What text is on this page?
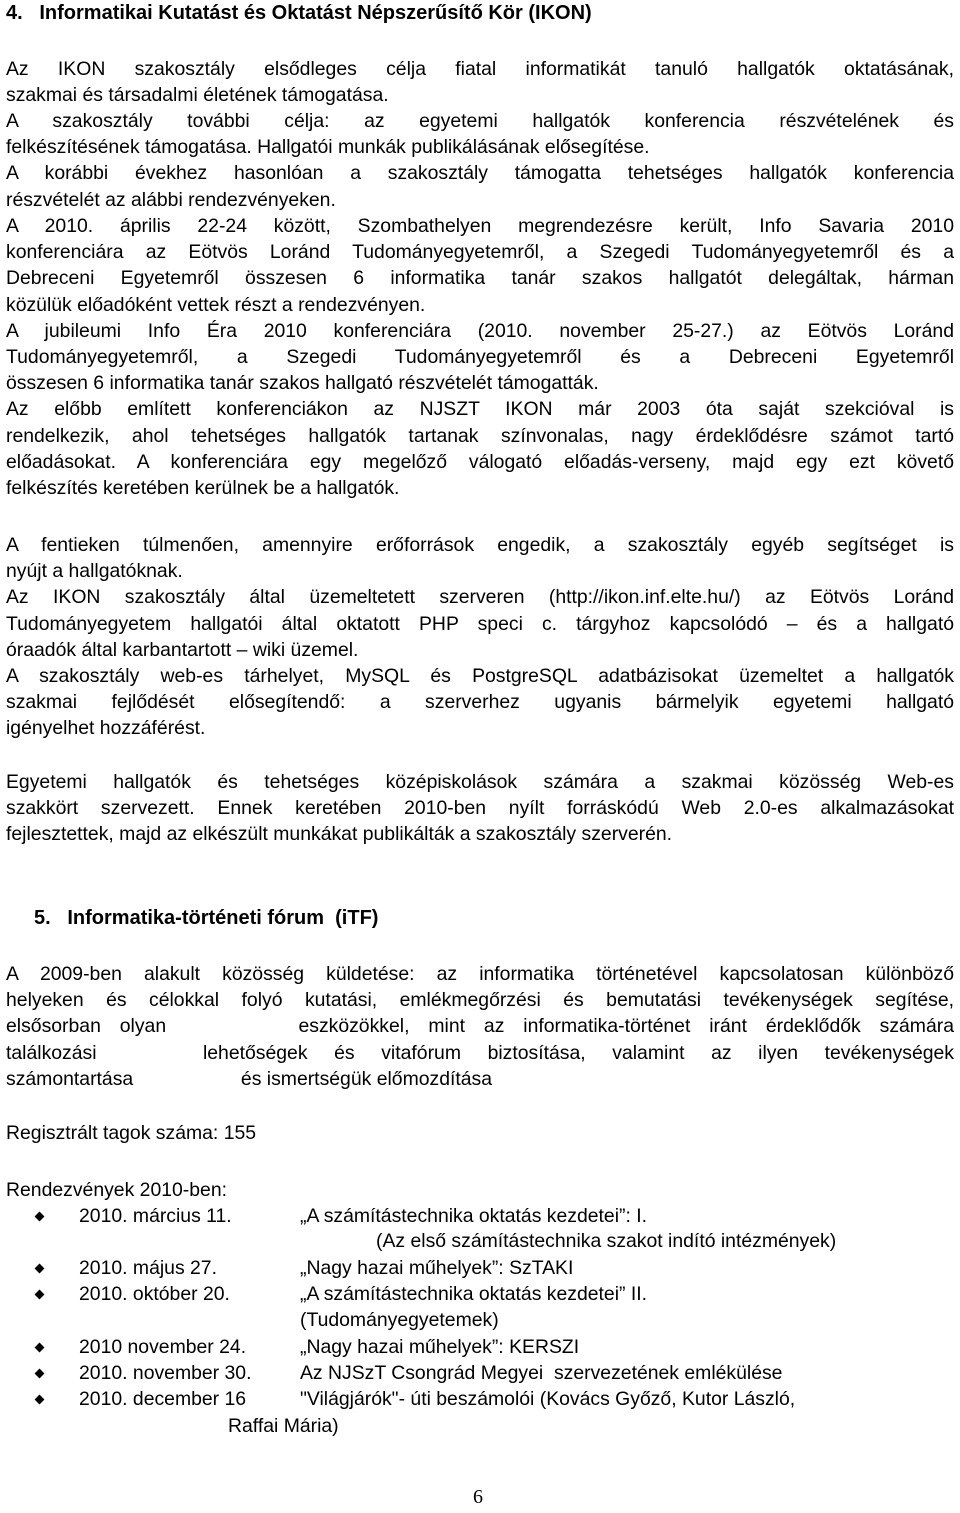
4.   Informatikai Kutatást és Oktatást Népszerűsítő Kör (IKON)
Az IKON szakosztály elsődleges célja fiatal informatikát tanuló hallgatók oktatásának,
szakmai és társadalmi életének támogatása.
A szakosztály további célja: az egyetemi hallgatók konferencia részvételének és
felkészítésének támogatása. Hallgatói munkák publikálásának elősegítése.
A korábbi évekhez hasonlóan a szakosztály támogatta tehetséges hallgatók konferencia
részvételét az alábbi rendezvényeken.
A 2010. április 22-24 között, Szombathelyen megrendezésre került, Info Savaria 2010
konferenciára az Eötvös Loránd Tudományegyetemről, a Szegedi Tudományegyetemről és a
Debreceni Egyetemről összesen 6 informatika tanár szakos hallgatót delegáltak, hárman
közülük előadóként vettek részt a rendezvényen.
A jubileumi Info Éra 2010 konferenciára (2010. november 25-27.) az Eötvös Loránd
Tudományegyetemről, a Szegedi Tudományegyetemről és a Debreceni Egyetemről
összesen 6 informatika tanár szakos hallgató részvételét támogatták.
Az előbb említett konferenciákon az NJSZT IKON már 2003 óta saját szekcióval is
rendelkezik, ahol tehetséges hallgatók tartanak színvonalas, nagy érdeklődésre számot tartó
előadásokat. A konferenciára egy megelőző válogató előadás-verseny, majd egy ezt követő
felkészítés keretében kerülnek be a hallgatók.
A fentieken túlmenően, amennyire erőforrások engedik, a szakosztály egyéb segítséget is
nyújt a hallgatóknak.
Az IKON szakosztály által üzemeltetett szerveren (http://ikon.inf.elte.hu/) az Eötvös Loránd
Tudományegyetem hallgatói által oktatott PHP speci c. tárgyhoz kapcsolódó – és a hallgató
óraadók által karbantartott – wiki üzemel.
A szakosztály web-es tárhelyet, MySQL és PostgreSQL adatbázisokat üzemeltet a hallgatók
szakmai fejlődését elősegítendő: a szerverhez ugyanis bármelyik egyetemi hallgató
igényelhet hozzáférést.
Egyetemi hallgatók és tehetséges középiskolások számára a szakmai közösség Web-es
szakkört szervezett. Ennek keretében 2010-ben nyílt forráskódú Web 2.0-es alkalmazásokat
fejlesztettek, majd az elkészült munkákat publikálták a szakosztály szerverén.
5.   Informatika-történeti fórum  (iTF)
A 2009-ben alakult közösség küldetése: az informatika történetével kapcsolatosan különböző
helyeken és célokkal folyó kutatási, emlékmegőrzési és bemutatási tevékenységek segítése,
elsősorban olyan       eszközökkel, mint az informatika-történet iránt érdeklődők számára
találkozási    lehetőségek és vitafórum biztosítása, valamint az ilyen tevékenységek
számontartása                    és ismertségük előmozdítása
Regisztrált tagok száma: 155
Rendezvények 2010-ben:
2010. március 11.	„A számítástechnika oktatás kezdetei”: I.
(Az első számítástechnika szakot indító intézmények)
2010. május 27.	„Nagy hazai műhelyek”: SzTAKI
2010. október 20.	„A számítástechnika oktatás kezdetei” II.
(Tudományegyetemek)
2010 november 24.	„Nagy hazai műhelyek”: KERSZI
2010. november 30.	Az NJSzT Csongrád Megyei  szervezetének emlékülése
2010. december 16	"Világjárók"- úti beszámolói (Kovács Győző, Kutor László,
Raffai Mária)
6
